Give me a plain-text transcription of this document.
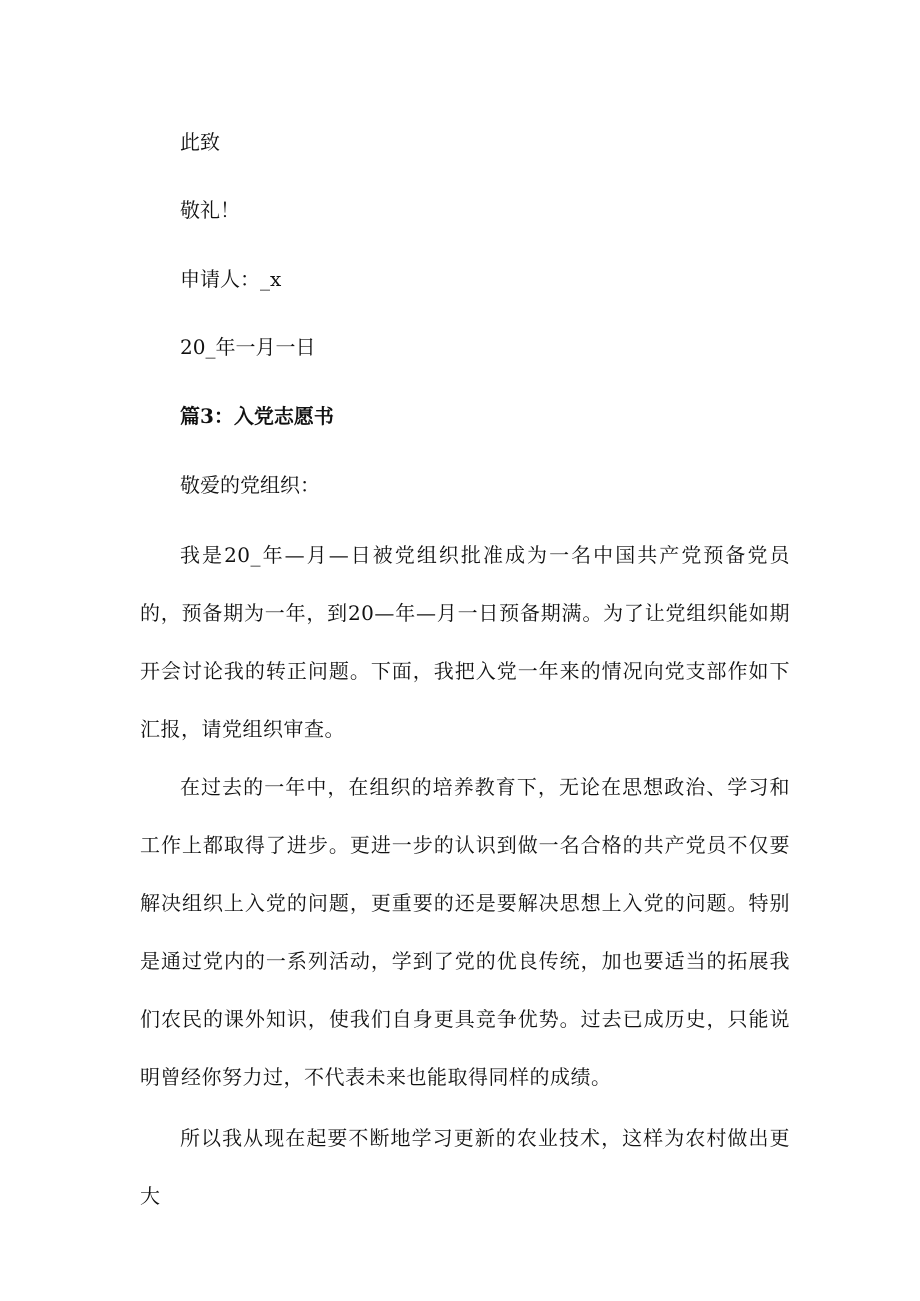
此致
敬礼！
申请人：_x
20_年一月一日
篇3：入党志愿书
敬爱的党组织：
我是20_年—月—日被党组织批准成为一名中国共产党预备党员的，预备期为一年，到20—年—月一日预备期满。为了让党组织能如期开会讨论我的转正问题。下面，我把入党一年来的情况向党支部作如下汇报，请党组织审查。
在过去的一年中，在组织的培养教育下，无论在思想政治、学习和工作上都取得了进步。更进一步的认识到做一名合格的共产党员不仅要解决组织上入党的问题，更重要的还是要解决思想上入党的问题。特别是通过党内的一系列活动，学到了党的优良传统，加也要适当的拓展我们农民的课外知识，使我们自身更具竞争优势。过去已成历史，只能说明曾经你努力过，不代表未来也能取得同样的成绩。
所以我从现在起要不断地学习更新的农业技术，这样为农村做出更大
